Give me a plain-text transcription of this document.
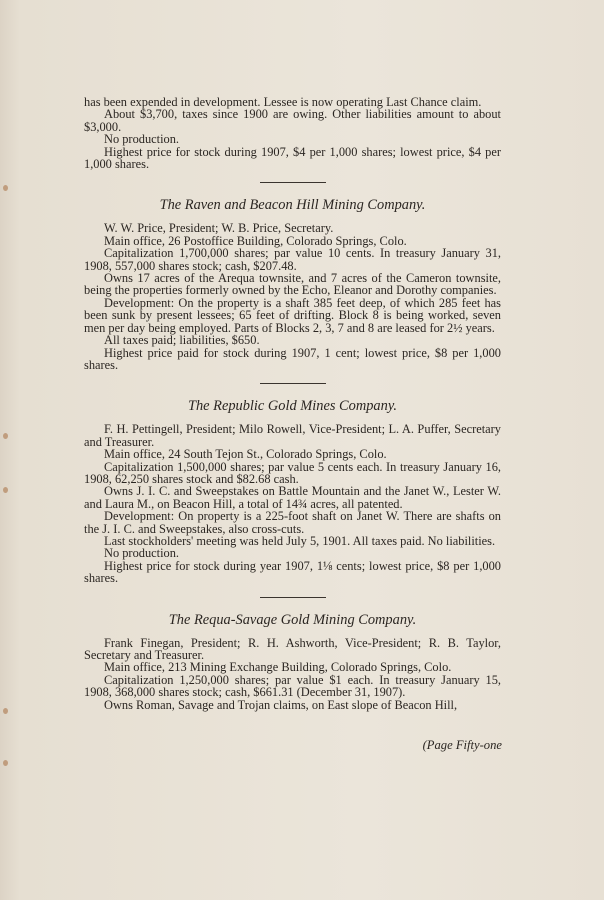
has been expended in development. Lessee is now operating Last Chance claim.

About $3,700, taxes since 1900 are owing. Other liabilities amount to about $3,000.

No production.

Highest price for stock during 1907, $4 per 1,000 shares; lowest price, $4 per 1,000 shares.

The Raven and Beacon Hill Mining Company.

W. W. Price, President; W. B. Price, Secretary.

Main office, 26 Postoffice Building, Colorado Springs, Colo.

Capitalization 1,700,000 shares; par value 10 cents. In treasury January 31, 1908, 557,000 shares stock; cash, $207.48.

Owns 17 acres of the Arequa townsite, and 7 acres of the Cameron townsite, being the properties formerly owned by the Echo, Eleanor and Dorothy companies.

Development: On the property is a shaft 385 feet deep, of which 285 feet has been sunk by present lessees; 65 feet of drifting. Block 8 is being worked, seven men per day being employed. Parts of Blocks 2, 3, 7 and 8 are leased for 2½ years.

All taxes paid; liabilities, $650.

Highest price paid for stock during 1907, 1 cent; lowest price, $8 per 1,000 shares.

The Republic Gold Mines Company.

F. H. Pettingell, President; Milo Rowell, Vice-President; L. A. Puffer, Secretary and Treasurer.

Main office, 24 South Tejon St., Colorado Springs, Colo.

Capitalization 1,500,000 shares; par value 5 cents each. In treasury January 16, 1908, 62,250 shares stock and $82.68 cash.

Owns J. I. C. and Sweepstakes on Battle Mountain and the Janet W., Lester W. and Laura M., on Beacon Hill, a total of 14¾ acres, all patented.

Development: On property is a 225-foot shaft on Janet W. There are shafts on the J. I. C. and Sweepstakes, also cross-cuts.

Last stockholders' meeting was held July 5, 1901. All taxes paid. No liabilities.

No production.

Highest price for stock during year 1907, 1⅛ cents; lowest price, $8 per 1,000 shares.

The Requa-Savage Gold Mining Company.

Frank Finegan, President; R. H. Ashworth, Vice-President; R. B. Taylor, Secretary and Treasurer.

Main office, 213 Mining Exchange Building, Colorado Springs, Colo.

Capitalization 1,250,000 shares; par value $1 each. In treasury January 15, 1908, 368,000 shares stock; cash, $661.31 (December 31, 1907).

Owns Roman, Savage and Trojan claims, on East slope of Beacon Hill,

(Page Fifty-one
